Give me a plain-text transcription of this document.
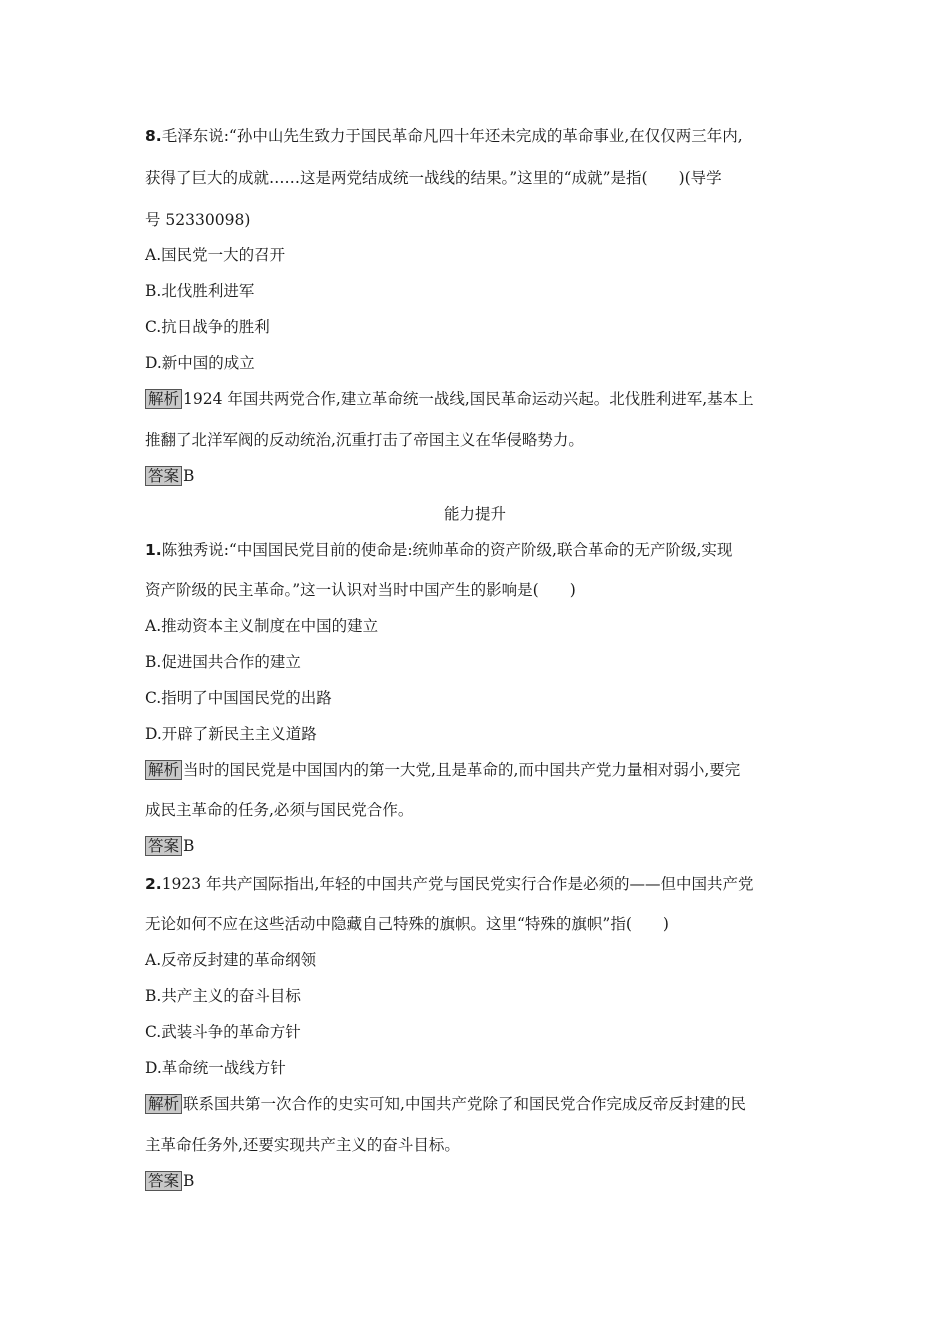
8.毛泽东说:“孙中山先生致力于国民革命凡四十年还未完成的革命事业,在仅仅两三年内,
获得了巨大的成就……这是两党结成统一战线的结果。”这里的“成就”是指(　　)(导学
号 52330098)
A.国民党一大的召开
B.北伐胜利进军
C.抗日战争的胜利
D.新中国的成立
解析 1924 年国共两党合作,建立革命统一战线,国民革命运动兴起。北伐胜利进军,基本上
推翻了北洋军阀的反动统治,沉重打击了帝国主义在华侵略势力。
答案 B
能力提升
1.陈独秀说:“中国国民党目前的使命是:统帅革命的资产阶级,联合革命的无产阶级,实现
资产阶级的民主革命。”这一认识对当时中国产生的影响是(　　)
A.推动资本主义制度在中国的建立
B.促进国共合作的建立
C.指明了中国国民党的出路
D.开辟了新民主主义道路
解析 当时的国民党是中国国内的第一大党,且是革命的,而中国共产党力量相对弱小,要完
成民主革命的任务,必须与国民党合作。
答案 B
2.1923 年共产国际指出,年轻的中国共产党与国民党实行合作是必须的——但中国共产党
无论如何不应在这些活动中隐藏自己特殊的旗帜。这里“特殊的旗帜”指(　　)
A.反帝反封建的革命纲领
B.共产主义的奋斗目标
C.武装斗争的革命方针
D.革命统一战线方针
解析 联系国共第一次合作的史实可知,中国共产党除了和国民党合作完成反帝反封建的民
主革命任务外,还要实现共产主义的奋斗目标。
答案 B
